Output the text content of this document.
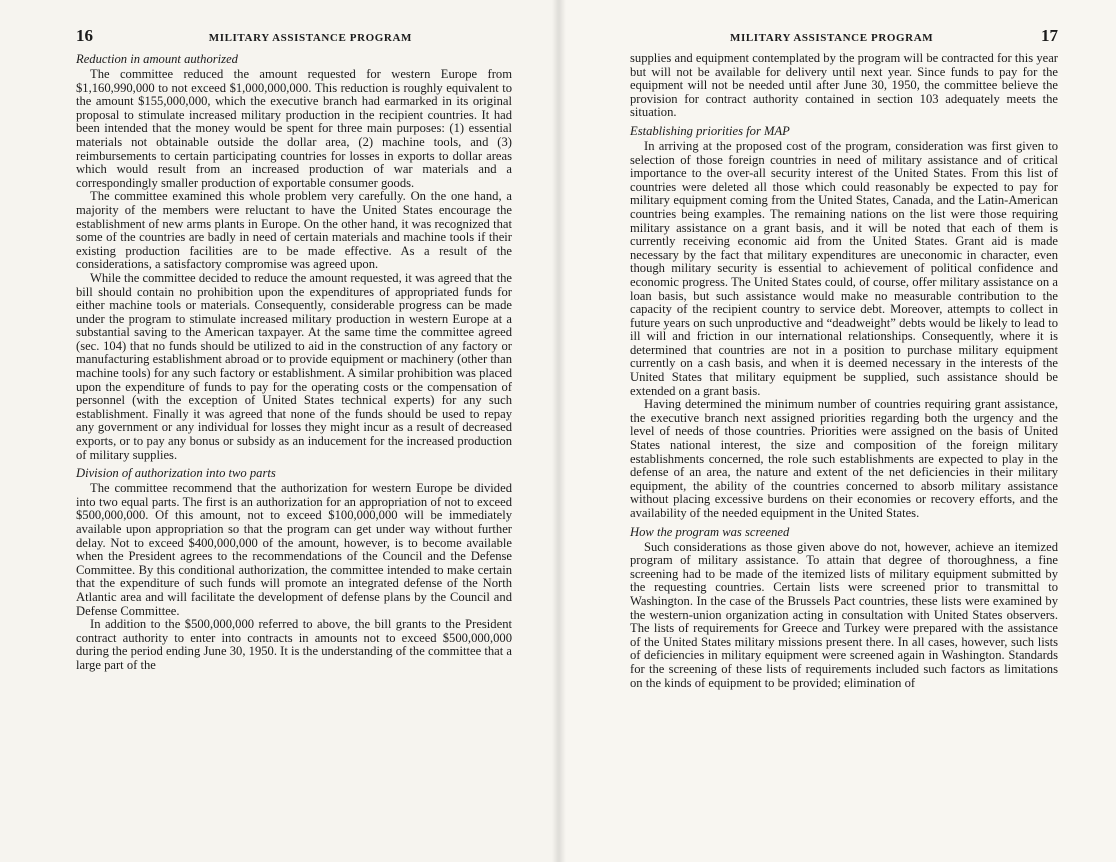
16	MILITARY ASSISTANCE PROGRAM
Reduction in amount authorized

The committee reduced the amount requested for western Europe from $1,160,990,000 to not exceed $1,000,000,000. This reduction is roughly equivalent to the amount $155,000,000, which the executive branch had earmarked in its original proposal to stimulate increased military production in the recipient countries. It had been intended that the money would be spent for three main purposes: (1) essential materials not obtainable outside the dollar area, (2) machine tools, and (3) reimbursements to certain participating countries for losses in exports to dollar areas which would result from an increased production of war materials and a correspondingly smaller production of exportable consumer goods.

The committee examined this whole problem very carefully. On the one hand, a majority of the members were reluctant to have the United States encourage the establishment of new arms plants in Europe. On the other hand, it was recognized that some of the countries are badly in need of certain materials and machine tools if their existing production facilities are to be made effective. As a result of the considerations, a satisfactory compromise was agreed upon.

While the committee decided to reduce the amount requested, it was agreed that the bill should contain no prohibition upon the expenditures of appropriated funds for either machine tools or materials. Consequently, considerable progress can be made under the program to stimulate increased military production in western Europe at a substantial saving to the American taxpayer. At the same time the committee agreed (sec. 104) that no funds should be utilized to aid in the construction of any factory or manufacturing establishment abroad or to provide equipment or machinery (other than machine tools) for any such factory or establishment. A similar prohibition was placed upon the expenditure of funds to pay for the operating costs or the compensation of personnel (with the exception of United States technical experts) for any such establishment. Finally it was agreed that none of the funds should be used to repay any government or any individual for losses they might incur as a result of decreased exports, or to pay any bonus or subsidy as an inducement for the increased production of military supplies.

Division of authorization into two parts

The committee recommend that the authorization for western Europe be divided into two equal parts. The first is an authorization for an appropriation of not to exceed $500,000,000. Of this amount, not to exceed $100,000,000 will be immediately available upon appropriation so that the program can get under way without further delay. Not to exceed $400,000,000 of the amount, however, is to become available when the President agrees to the recommendations of the Council and the Defense Committee. By this conditional authorization, the committee intended to make certain that the expenditure of such funds will promote an integrated defense of the North Atlantic area and will facilitate the development of defense plans by the Council and Defense Committee.

In addition to the $500,000,000 referred to above, the bill grants to the President contract authority to enter into contracts in amounts not to exceed $500,000,000 during the period ending June 30, 1950. It is the understanding of the committee that a large part of the

MILITARY ASSISTANCE PROGRAM	17

supplies and equipment contemplated by the program will be contracted for this year but will not be available for delivery until next year. Since funds to pay for the equipment will not be needed until after June 30, 1950, the committee believe the provision for contract authority contained in section 103 adequately meets the situation.

Establishing priorities for MAP

In arriving at the proposed cost of the program, consideration was first given to selection of those foreign countries in need of military assistance and of critical importance to the over-all security interest of the United States. From this list of countries were deleted all those which could reasonably be expected to pay for military equipment coming from the United States, Canada, and the Latin-American countries being examples. The remaining nations on the list were those requiring military assistance on a grant basis, and it will be noted that each of them is currently receiving economic aid from the United States. Grant aid is made necessary by the fact that military expenditures are uneconomic in character, even though military security is essential to achievement of political confidence and economic progress. The United States could, of course, offer military assistance on a loan basis, but such assistance would make no measurable contribution to the capacity of the recipient country to service debt. Moreover, attempts to collect in future years on such unproductive and “deadweight” debts would be likely to lead to ill will and friction in our international relationships. Consequently, where it is determined that countries are not in a position to purchase military equipment currently on a cash basis, and when it is deemed necessary in the interests of the United States that military equipment be supplied, such assistance should be extended on a grant basis.

Having determined the minimum number of countries requiring grant assistance, the executive branch next assigned priorities regarding both the urgency and the level of needs of those countries. Priorities were assigned on the basis of United States national interest, the size and composition of the foreign military establishments concerned, the role such establishments are expected to play in the defense of an area, the nature and extent of the net deficiencies in their military equipment, the ability of the countries concerned to absorb military assistance without placing excessive burdens on their economies or recovery efforts, and the availability of the needed equipment in the United States.

How the program was screened

Such considerations as those given above do not, however, achieve an itemized program of military assistance. To attain that degree of thoroughness, a fine screening had to be made of the itemized lists of military equipment submitted by the requesting countries. Certain lists were screened prior to transmittal to Washington. In the case of the Brussels Pact countries, these lists were examined by the western-union organization acting in consultation with United States observers. The lists of requirements for Greece and Turkey were prepared with the assistance of the United States military missions present there. In all cases, however, such lists of deficiencies in military equipment were screened again in Washington. Standards for the screening of these lists of requirements included such factors as limitations on the kinds of equipment to be provided; elimination of
